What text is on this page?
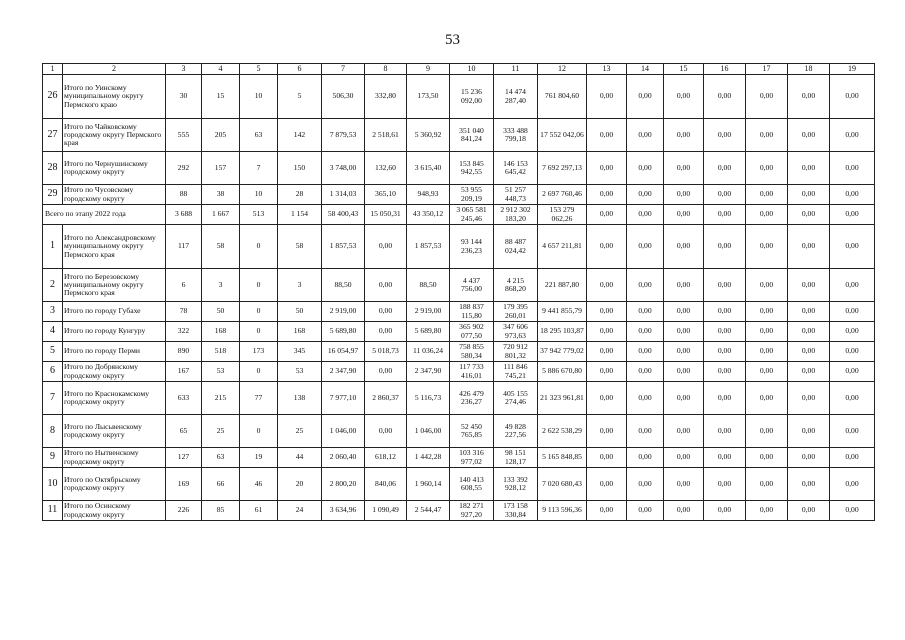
53
1	2	3	4	5	6	7	8	9	10	11	12	13	14	15	16	17	18	19
26	Итого по Уинскому муниципальному округу Пермского краю	30	15	10	5	506,30	332,80	173,50	15 236 092,00	14 474 287,40	761 804,60	0,00	0,00	0,00	0,00	0,00	0,00	0,00
27	Итого по Чайковскому городскому округу Пермского края	555	205	63	142	7 879,53	2 518,61	5 360,92	351 040 841,24	333 488 799,18	17 552 042,06	0,00	0,00	0,00	0,00	0,00	0,00	0,00
28	Итого по Чернушинскому городскому округу	292	157	7	150	3 748,00	132,60	3 615,40	153 845 942,55	146 153 645,42	7 692 297,13	0,00	0,00	0,00	0,00	0,00	0,00	0,00
29	Итого по Чусовскому городскому округу	88	38	10	28	1 314,03	365,10	948,93	53 955 209,19	51 257 448,73	2 697 760,46	0,00	0,00	0,00	0,00	0,00	0,00	0,00
Всего по этапу 2022 года		3 688	1 667	513	1 154	58 400,43	15 050,31	43 350,12	3 065 581 245,46	2 912 302 183,20	153 279 062,26	0,00	0,00	0,00	0,00	0,00	0,00	0,00
1	Итого по Александровскому муниципальному округу Пермского края	117	58	0	58	1 857,53	0,00	1 857,53	93 144 236,23	88 487 024,42	4 657 211,81	0,00	0,00	0,00	0,00	0,00	0,00	0,00
2	Итого по Березовскому муниципальному округу Пермского края	6	3	0	3	88,50	0,00	88,50	4 437 756,00	4 215 868,20	221 887,80	0,00	0,00	0,00	0,00	0,00	0,00	0,00
3	Итого по городу Губахе	78	50	0	50	2 919,00	0,00	2 919,00	188 837 115,80	179 395 260,01	9 441 855,79	0,00	0,00	0,00	0,00	0,00	0,00	0,00
4	Итого по городу Кунгуру	322	168	0	168	5 689,80	0,00	5 689,80	365 902 077,50	347 606 973,63	18 295 103,87	0,00	0,00	0,00	0,00	0,00	0,00	0,00
5	Итого по городу Перми	890	518	173	345	16 054,97	5 018,73	11 036,24	758 855 580,34	720 912 801,32	37 942 779,02	0,00	0,00	0,00	0,00	0,00	0,00	0,00
6	Итого по Добрянскому городскому округу	167	53	0	53	2 347,90	0,00	2 347,90	117 733 416,01	111 846 745,21	5 886 670,80	0,00	0,00	0,00	0,00	0,00	0,00	0,00
7	Итого по Краснокамскому городскому округу	633	215	77	138	7 977,10	2 860,37	5 116,73	426 479 236,27	405 155 274,46	21 323 961,81	0,00	0,00	0,00	0,00	0,00	0,00	0,00
8	Итого по Лысьвенскому городскому округу	65	25	0	25	1 046,00	0,00	1 046,00	52 450 765,85	49 828 227,56	2 622 538,29	0,00	0,00	0,00	0,00	0,00	0,00	0,00
9	Итого по Нытвенскому городскому округу	127	63	19	44	2 060,40	618,12	1 442,28	103 316 977,02	98 151 128,17	5 165 848,85	0,00	0,00	0,00	0,00	0,00	0,00	0,00
10	Итого по Октябрьскому городскому округу	169	66	46	20	2 800,20	840,06	1 960,14	140 413 608,55	133 392 928,12	7 020 680,43	0,00	0,00	0,00	0,00	0,00	0,00	0,00
11	Итого по Осинскому городскому округу	226	85	61	24	3 634,96	1 090,49	2 544,47	182 271 927,20	173 158 330,84	9 113 596,36	0,00	0,00	0,00	0,00	0,00	0,00	0,00
